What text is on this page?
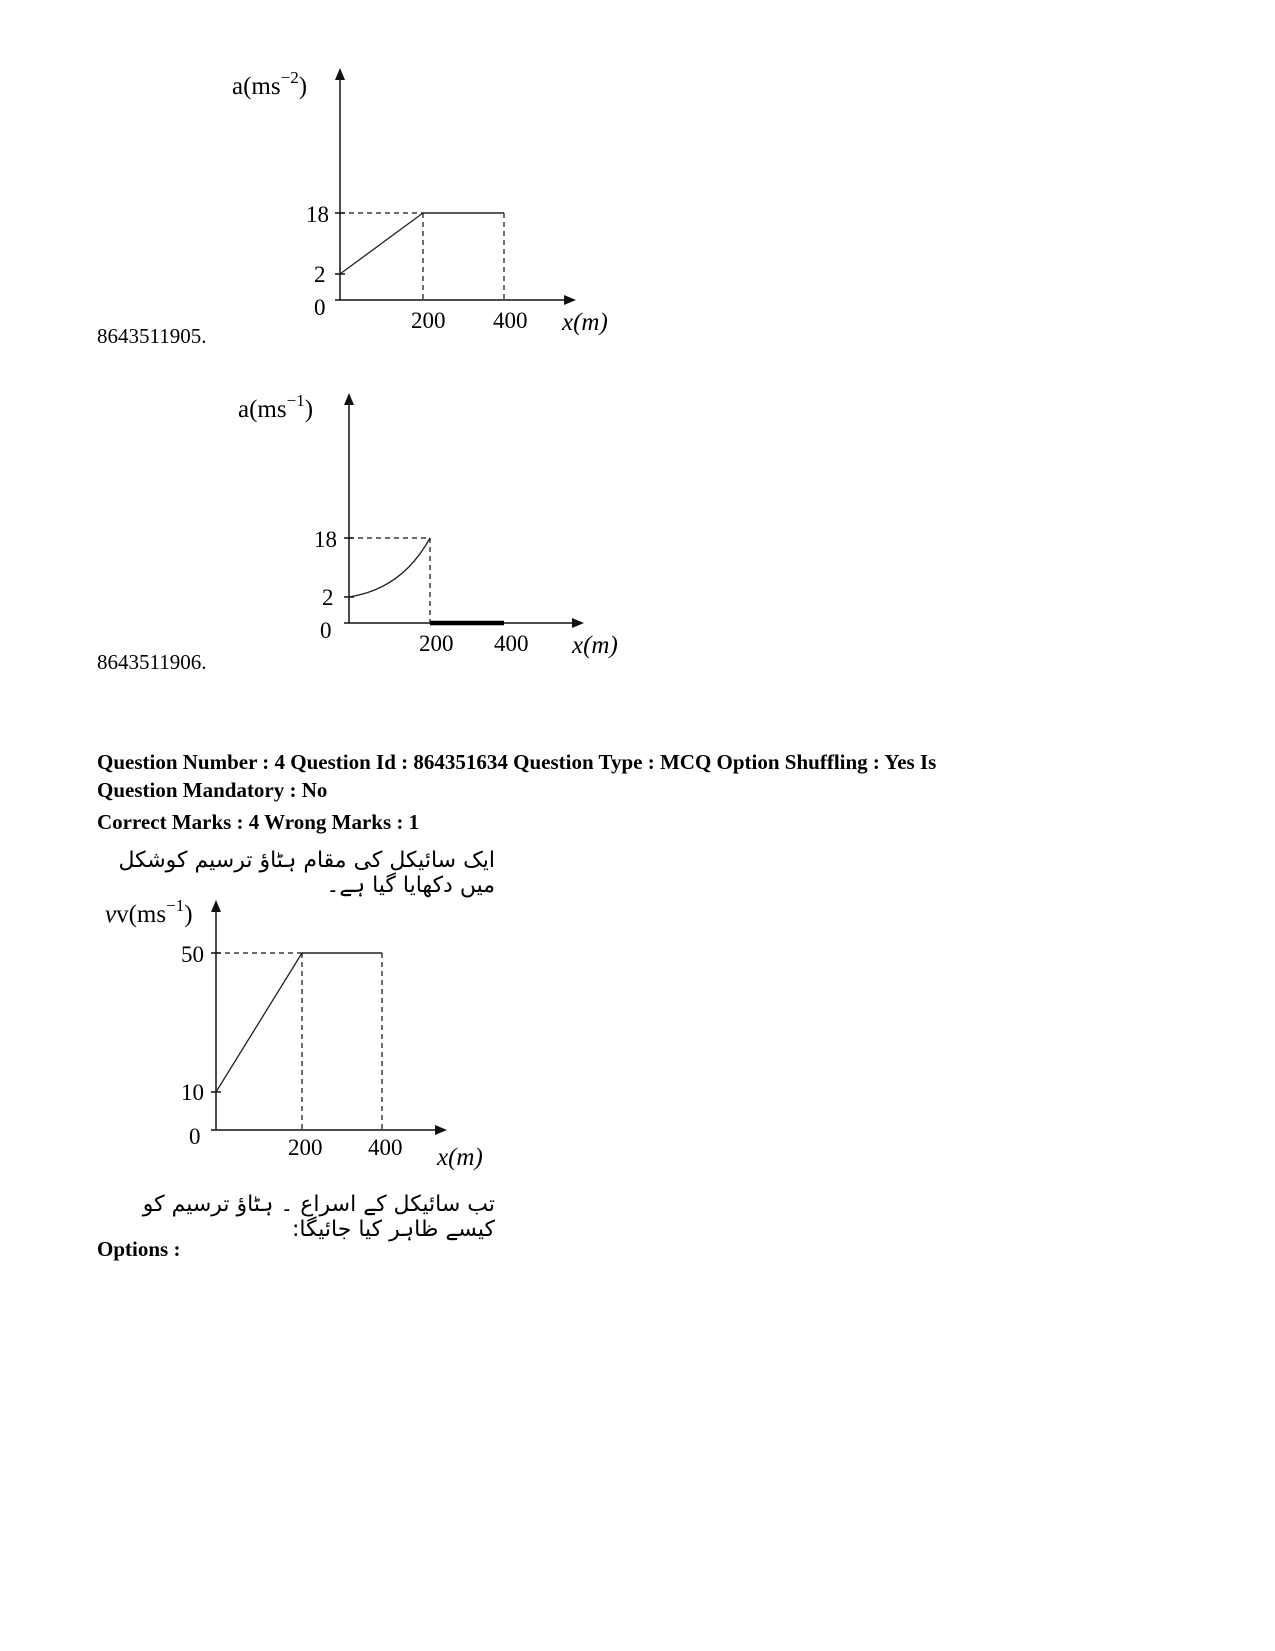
$a(ms^{-2})$
0
2
18
200 400 x(m)
8643511905.
$a(ms^{-1})$
0
2
18
200 400 x(m)
8643511906.
Question Number : 4 Question Id : 864351634 Question Type : MCQ Option Shuffling : Yes Is
Question Mandatory : No
Correct Marks : 4 Wrong Marks : 1
ایک سائیکل کی مقام ہٹاؤ ترسیم کوشکل میں دکھایا گیا ہے۔
$vv(ms^{-1})$
0
10
50
200 400 x(m)
تب سائیکل کے اسراع ۔ ہٹاؤ ترسیم کو کیسے ظاہر کیا جائیگا:
Options :
